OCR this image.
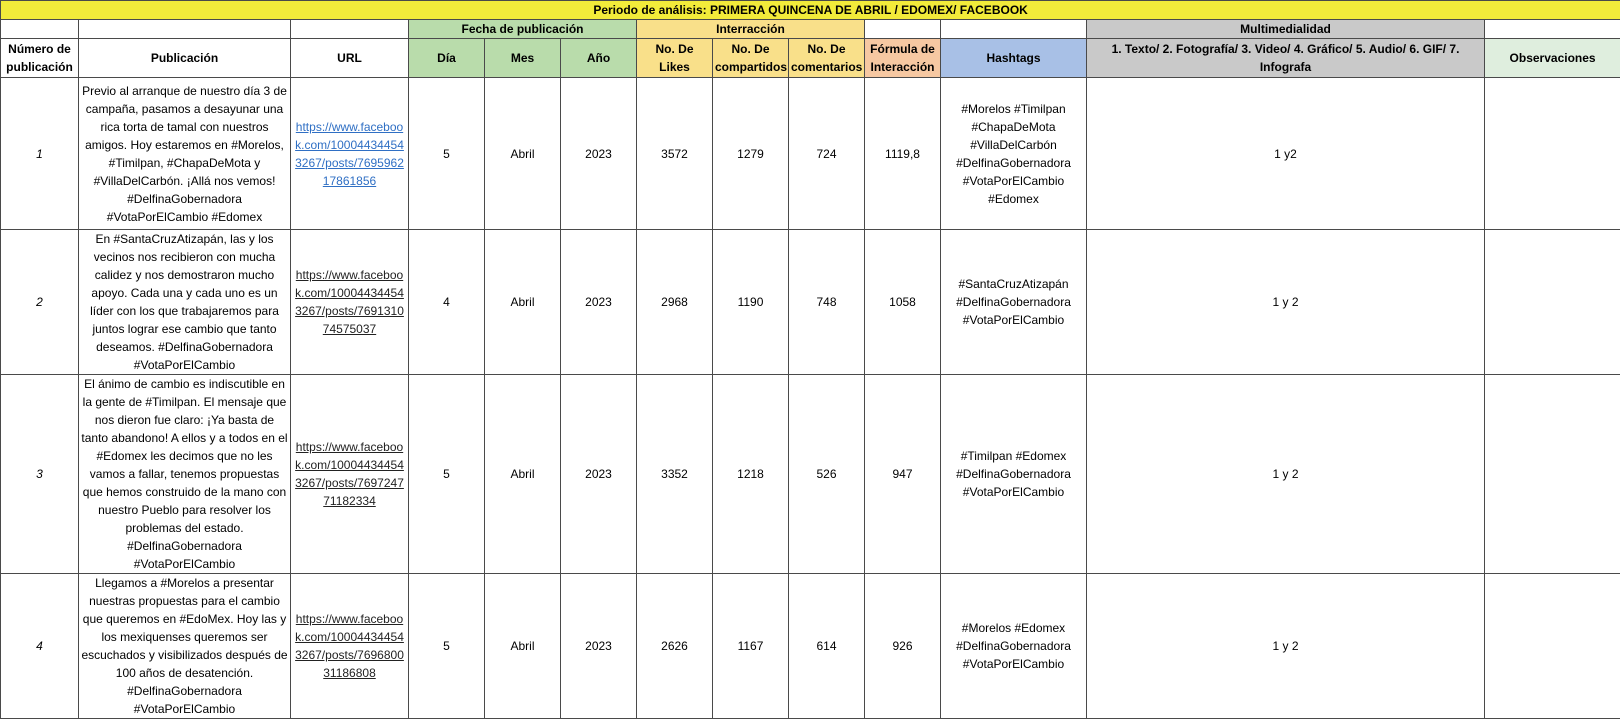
Periodo de análisis: PRIMERA QUINCENA DE ABRIL / EDOMEX/ FACEBOOK												
			Fecha de publicación			Interracción					Multimedialidad	
Número de publicación	Publicación	URL	Día	Mes	Año	No. De Likes	No. De compartidos	No. De comentarios	Fórmula de Interacción	Hashtags	1. Texto/ 2. Fotografía/ 3. Video/ 4. Gráfico/ 5. Audio/ 6. GIF/ 7. Infografa	Observaciones
1	Previo al arranque de nuestro día 3 de campaña, pasamos a desayunar una rica torta de tamal con nuestros amigos. Hoy estaremos en #Morelos, #Timilpan, #ChapaDeMota y #VillaDelCarbón. ¡Allá nos vemos! #DelfinaGobernadora #VotaPorElCambio #Edomex	https://www.facebook.com/100044344543267/posts/769596217861856	5	Abril	2023	3572	1279	724	1119,8	#Morelos #Timilpan #ChapaDeMota #VillaDelCarbón #DelfinaGobernadora #VotaPorElCambio #Edomex	1 y2	
2	En #SantaCruzAtizapán, las y los vecinos nos recibieron con mucha calidez y nos demostraron mucho apoyo. Cada una y cada uno es un líder con los que trabajaremos para juntos lograr ese cambio que tanto deseamos. #DelfinaGobernadora #VotaPorElCambio	https://www.facebook.com/100044344543267/posts/769131074575037	4	Abril	2023	2968	1190	748	1058	#SantaCruzAtizapán #DelfinaGobernadora #VotaPorElCambio	1 y 2	
3	El ánimo de cambio es indiscutible en la gente de #Timilpan. El mensaje que nos dieron fue claro: ¡Ya basta de tanto abandono! A ellos y a todos en el #Edomex les decimos que no les vamos a fallar, tenemos propuestas que hemos construido de la mano con nuestro Pueblo para resolver los problemas del estado. #DelfinaGobernadora #VotaPorElCambio	https://www.facebook.com/100044344543267/posts/769724771182334	5	Abril	2023	3352	1218	526	947	#Timilpan #Edomex #DelfinaGobernadora #VotaPorElCambio	1 y 2	
4	Llegamos a #Morelos a presentar nuestras propuestas para el cambio que queremos en #EdoMex. Hoy las y los mexiquenses queremos ser escuchados y visibilizados después de 100 años de desatención. #DelfinaGobernadora #VotaPorElCambio	https://www.facebook.com/100044344543267/posts/769680031186808	5	Abril	2023	2626	1167	614	926	#Morelos #Edomex #DelfinaGobernadora #VotaPorElCambio	1 y 2	
